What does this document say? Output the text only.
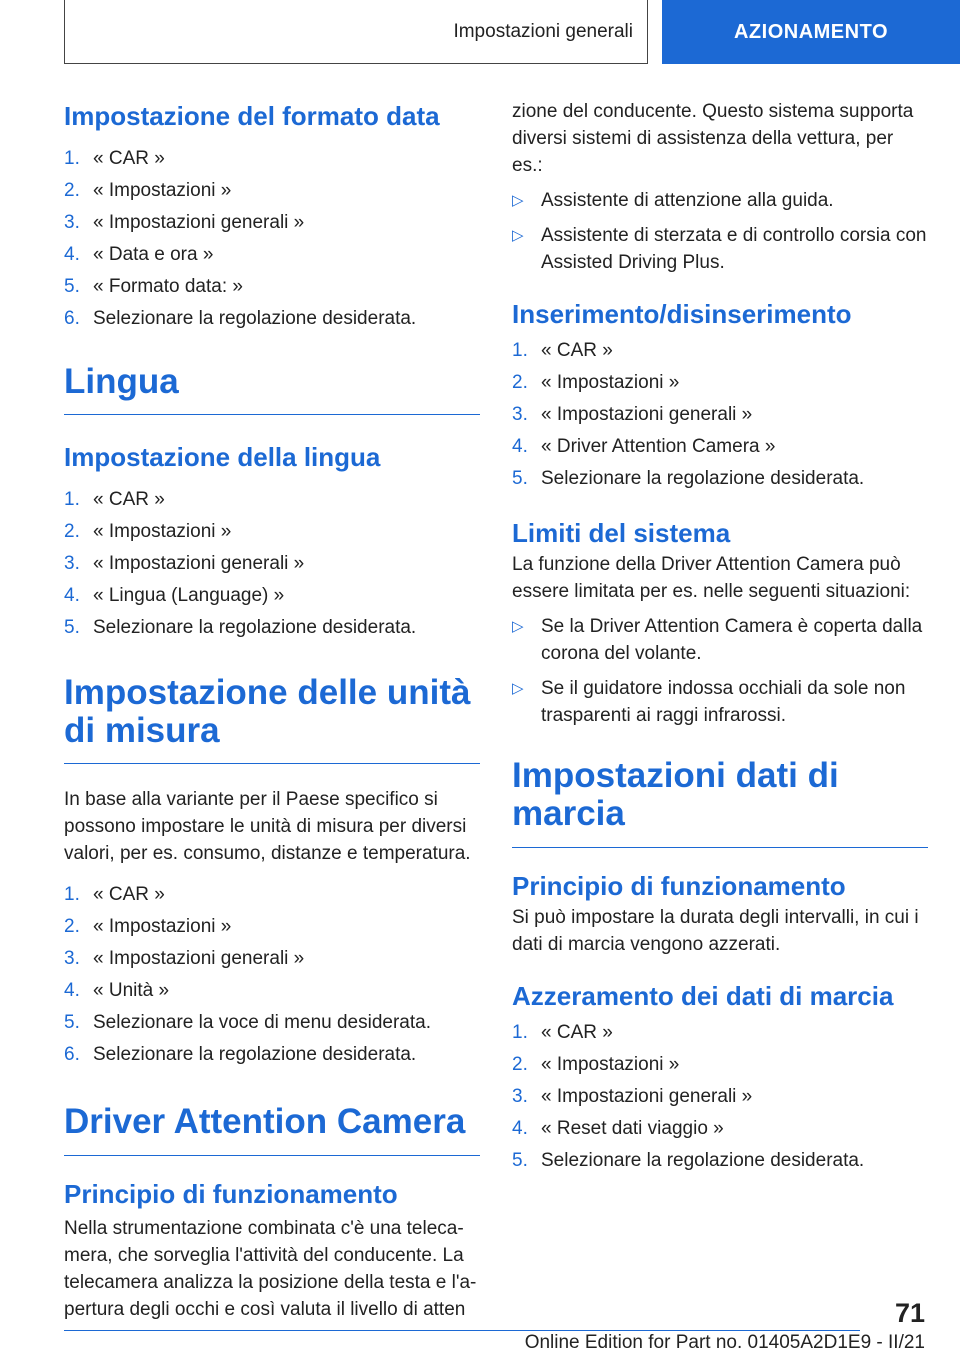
Impostazioni generali	AZIONAMENTO
Impostazione del formato data
1. « CAR »
2. « Impostazioni »
3. « Impostazioni generali »
4. « Data e ora »
5. « Formato data: »
6. Selezionare la regolazione desiderata.
Lingua
Impostazione della lingua
1. « CAR »
2. « Impostazioni »
3. « Impostazioni generali »
4. « Lingua (Language) »
5. Selezionare la regolazione desiderata.
Impostazione delle unità di misura

In base alla variante per il Paese specifico si possono impostare le unità di misura per diversi valori, per es. consumo, distanze e temperatura.

1. « CAR »
2. « Impostazioni »
3. « Impostazioni generali »
4. « Unità »
5. Selezionare la voce di menu desiderata.
6. Selezionare la regolazione desiderata.
Driver Attention Camera
Principio di funzionamento

Nella strumentazione combinata c'è una telecamera, che sorveglia l'attività del conducente. La telecamera analizza la posizione della testa e l'apertura degli occhi e così valuta il livello di atten

zione del conducente. Questo sistema supporta diversi sistemi di assistenza della vettura, per es.:

▷ Assistente di attenzione alla guida.
▷ Assistente di sterzata e di controllo corsia con Assisted Driving Plus.
Inserimento/disinserimento
1. « CAR »
2. « Impostazioni »
3. « Impostazioni generali »
4. « Driver Attention Camera »
5. Selezionare la regolazione desiderata.
Limiti del sistema

La funzione della Driver Attention Camera può essere limitata per es. nelle seguenti situazioni:

▷ Se la Driver Attention Camera è coperta dalla corona del volante.
▷ Se il guidatore indossa occhiali da sole non trasparenti ai raggi infrarossi.
Impostazioni dati di marcia
Principio di funzionamento

Si può impostare la durata degli intervalli, in cui i dati di marcia vengono azzerati.

Azzeramento dei dati di marcia
1. « CAR »
2. « Impostazioni »
3. « Impostazioni generali »
4. « Reset dati viaggio »
5. Selezionare la regolazione desiderata.
71
Online Edition for Part no. 01405A2D1E9 - II/21
